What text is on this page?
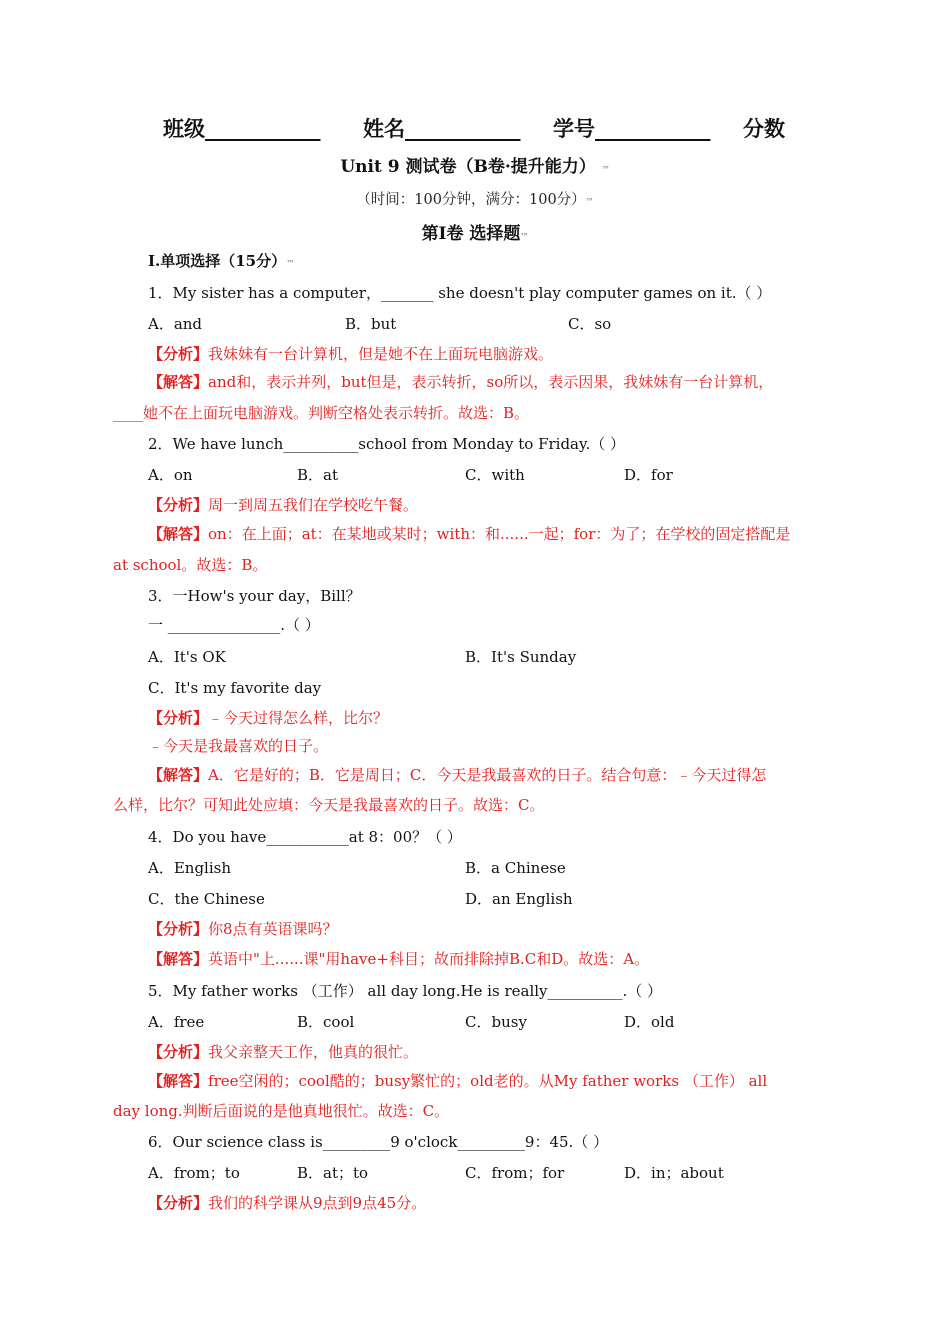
班级___________ 姓名___________ 学号___________ 分数
Unit 9 测试卷（B卷·提升能力） ™
（时间：100分钟，满分：100分）™
第Ⅰ卷 选择题™
Ⅰ.单项选择（15分）™
1．My sister has a computer，_______ she doesn't play computer games on it.（ ）
A．and	B．but	C．so
【分析】我妹妹有一台计算机，但是她不在上面玩电脑游戏。
【解答】and和，表示并列，but但是，表示转折，so所以，表示因果，我妹妹有一台计算机，
____她不在上面玩电脑游戏。判断空格处表示转折。故选：B。
2．We have lunch__________school from Monday to Friday.（ ）
A．on	B．at	C．with	D．for
【分析】周一到周五我们在学校吃午餐。
【解答】on：在上面；at：在某地或某时；with：和......一起；for：为了；在学校的固定搭配是
at school。故选：B。
3．一How's your day，Bill？
一 _______________.（ ）
A．It's OK	B．It's Sunday
C．It's my favorite day
【分析】﹣今天过得怎么样，比尔？
﹣今天是我最喜欢的日子。
【解答】A．它是好的；B．它是周日；C．今天是我最喜欢的日子。结合句意：﹣今天过得怎
么样，比尔？可知此处应填：今天是我最喜欢的日子。故选：C。
4．Do you have___________at 8：00？（ ）
A．English	B．a Chinese
C．the Chinese	D．an English
【分析】你8点有英语课吗？
【解答】英语中"上......课"用have+科目；故而排除掉B.C和D。故选：A。
5．My father works （工作） all day long.He is really__________.（ ）
A．free	B．cool	C．busy	D．old
【分析】我父亲整天工作，他真的很忙。
【解答】free空闲的；cool酷的；busy繁忙的；old老的。从My father works （工作） all
day long.判断后面说的是他真地很忙。故选：C。
6．Our science class is_________9 o'clock_________9：45.（ ）
A．from；to	B．at；to	C．from；for	D．in；about
【分析】我们的科学课从9点到9点45分。
